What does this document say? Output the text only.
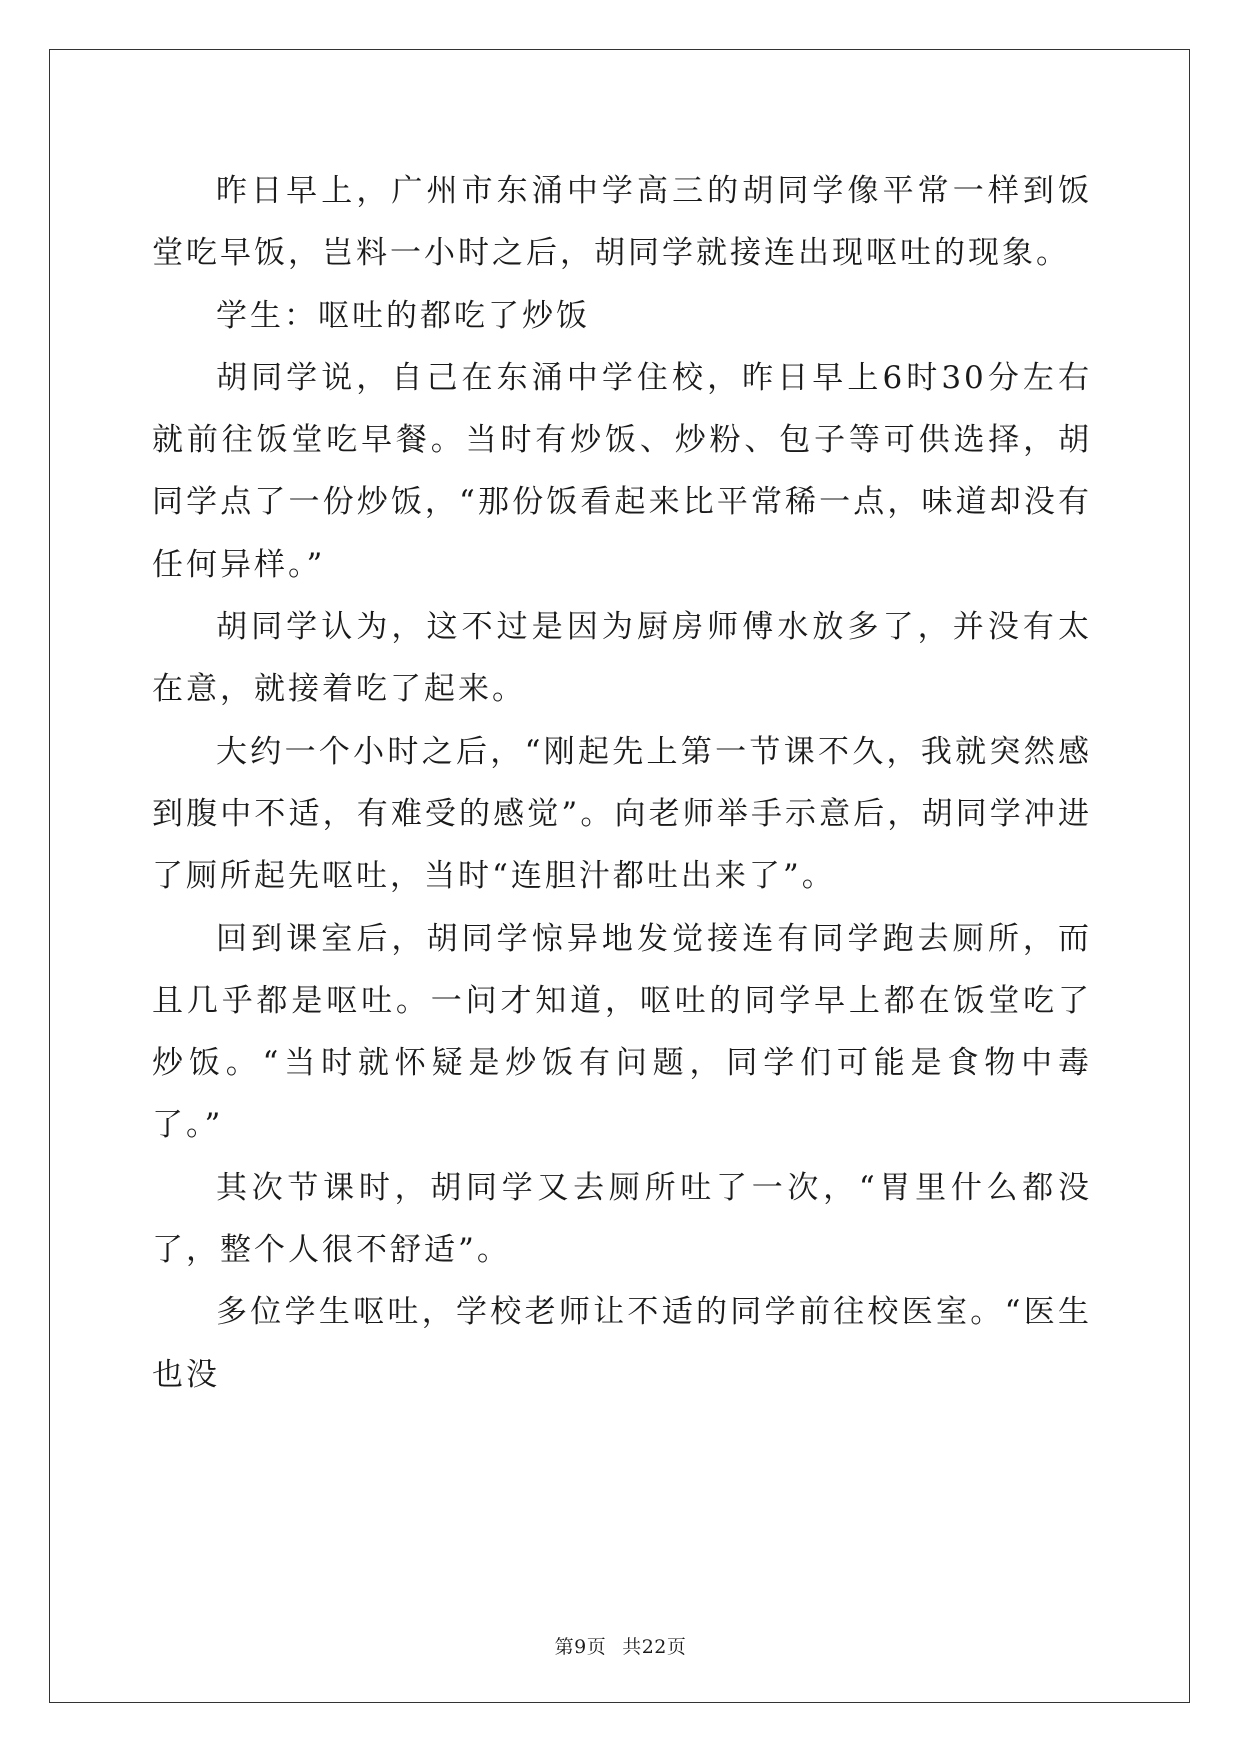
昨日早上，广州市东涌中学高三的胡同学像平常一样到饭堂吃早饭，岂料一小时之后，胡同学就接连出现呕吐的现象。

学生：呕吐的都吃了炒饭

胡同学说，自己在东涌中学住校，昨日早上6时30分左右就前往饭堂吃早餐。当时有炒饭、炒粉、包子等可供选择，胡同学点了一份炒饭，“那份饭看起来比平常稀一点，味道却没有任何异样。”

胡同学认为，这不过是因为厨房师傅水放多了，并没有太在意，就接着吃了起来。

大约一个小时之后，“刚起先上第一节课不久，我就突然感到腹中不适，有难受的感觉”。向老师举手示意后，胡同学冲进了厕所起先呕吐，当时“连胆汁都吐出来了”。

回到课室后，胡同学惊异地发觉接连有同学跑去厕所，而且几乎都是呕吐。一问才知道，呕吐的同学早上都在饭堂吃了炒饭。“当时就怀疑是炒饭有问题，同学们可能是食物中毒了。”

其次节课时，胡同学又去厕所吐了一次，“胃里什么都没了，整个人很不舒适”。

多位学生呕吐，学校老师让不适的同学前往校医室。“医生也没

第9页 共22页
